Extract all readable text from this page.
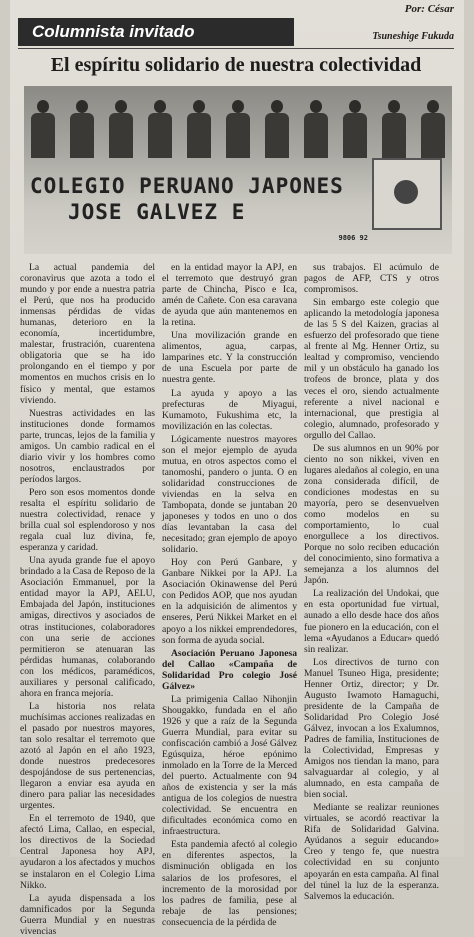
Columnista invitado
Por: César
Tsuneshige Fukuda
El espíritu solidario de nuestra colectividad
COLEGIO PERUANO JAPONES
JOSE GALVEZ E
9806 92

La actual pandemia del coronavirus que azota a todo el mundo y por ende a nuestra patria el Perú, que nos ha producido inmensas pérdidas de vidas humanas, deterioro en la economía, incertidumbre, malestar, frustración, cuarentena obligatoria que se ha ido prolongando en el tiempo y por momentos en muchos crisis en lo físico y mental, que estamos viviendo.

Nuestras actividades en las instituciones donde formamos parte, truncas, lejos de la familia y amigos. Un cambio radical en el diario vivir y los hombres como nosotros, enclaustrados por períodos largos.

Pero son esos momentos donde resalta el espíritu solidario de nuestra colectividad, renace y brilla cual sol esplendoroso y nos regala cual luz divina, fe, esperanza y caridad.

Una ayuda grande fue el apoyo brindado a la Casa de Reposo de la Asociación Emmanuel, por la entidad mayor la APJ, AELU, Embajada del Japón, instituciones amigas, directivos y asociados de otras instituciones, colaboradores con una serie de acciones permitieron se atenuaran las pérdidas humanas, colaborando con los médicos, paramédicos, auxiliares y personal calificado, ahora en franca mejoría.

La historia nos relata muchísimas acciones realizadas en el pasado por nuestros mayores, tan solo resaltar el terremoto que azotó al Japón en el año 1923, donde nuestros predecesores despojándose de sus pertenencias, llegaron a enviar esa ayuda en dinero para paliar las necesidades urgentes.

En el terremoto de 1940, que afectó Lima, Callao, en especial, los directivos de la Sociedad Central Japonesa hoy APJ, ayudaron a los afectados y muchos se instalaron en el Colegio Lima Nikko.

La ayuda dispensada a los damnificados por la Segunda Guerra Mundial y en nuestras vivencias

en la entidad mayor la APJ, en el terremoto que destruyó gran parte de Chincha, Pisco e Ica, amén de Cañete. Con esa caravana de ayuda que aún mantenemos en la retina.

Una movilización grande en alimentos, agua, carpas, lamparines etc. Y la construcción de una Escuela por parte de nuestra gente.

La ayuda y apoyo a las prefecturas de Miyagui, Kumamoto, Fukushima etc, la movilización en las colectas.

Lógicamente nuestros mayores son el mejor ejemplo de ayuda mutua, en otros aspectos como el tanomoshi, pandero o junta. O en solidaridad construcciones de viviendas en la selva en Tambopata, donde se juntaban 20 japoneses y todos en uno o dos días levantaban la casa del necesitado; gran ejemplo de apoyo solidario.

Hoy con Perú Ganbare, y Ganbare Nikkei por la APJ. La Asociación Okinawense del Perú con Pedidos AOP, que nos ayudan en la adquisición de alimentos y enseres, Perú Nikkei Market en el apoyo a los nikkei emprendedores, son forma de ayuda social.

Asociación Peruano Japonesa del Callao «Campaña de Solidaridad Pro colegio José Gálvez»

La primigenia Callao Nihonjin Shougakko, fundada en el año 1926 y que a raíz de la Segunda Guerra Mundial, para evitar su confiscación cambió a José Gálvez Egúsquiza, héroe epónimo inmolado en la Torre de la Merced del puerto. Actualmente con 94 años de existencia y ser la más antigua de los colegios de nuestra colectividad. Se encuentra en dificultades económica como en infraestructura.

Esta pandemia afectó al colegio en diferentes aspectos, la disminución obligada en los salarios de los profesores, el incremento de la morosidad por los padres de familia, pese al rebaje de las pensiones; consecuencia de la pérdida de

sus trabajos. El acúmulo de pagos de AFP, CTS y otros compromisos.

Sin embargo este colegio que aplicando la metodología japonesa de las 5 S del Kaizen, gracias al esfuerzo del profesorado que tiene al frente al Mg. Henner Ortiz, su lealtad y compromiso, venciendo mil y un obstáculo ha ganado los trofeos de bronce, plata y dos veces el oro, siendo actualmente referente a nivel nacional e internacional, que prestigia al colegio, alumnado, profesorado y orgullo del Callao.

De sus alumnos en un 90% por ciento no son nikkei, viven en lugares aledaños al colegio, en una zona considerada difícil, de condiciones modestas en su mayoría, pero se desenvuelven como modelos en su comportamiento, lo cual enorgullece a los directivos. Porque no solo reciben educación del conocimiento, sino formativa a semejanza a los alumnos del Japón.

La realización del Undokai, que en esta oportunidad fue virtual, aunado a ello desde hace dos años fue pionero en la educación, con el lema «Ayudanos a Educar» quedó sin realizar.

Los directivos de turno con Manuel Tsuneo Higa, presidente; Henner Ortiz, director; y Dr. Augusto Iwamoto Hamaguchi, presidente de la Campaña de Solidaridad Pro Colegio José Gálvez, invocan a los Exalumnos, Padres de familia, Instituciones de la Colectividad, Empresas y Amigos nos tiendan la mano, para salvaguardar al colegio, y al alumnado, en esta campaña de bien social.

Mediante se realizar reuniones virtuales, se acordó reactivar la Rifa de Solidaridad Galvina. Ayúdanos a seguir educando» Creo y tengo fe, que nuestra colectividad en su conjunto apoyarán en esta campaña. Al final del túnel la luz de la esperanza. Salvemos la educación.
